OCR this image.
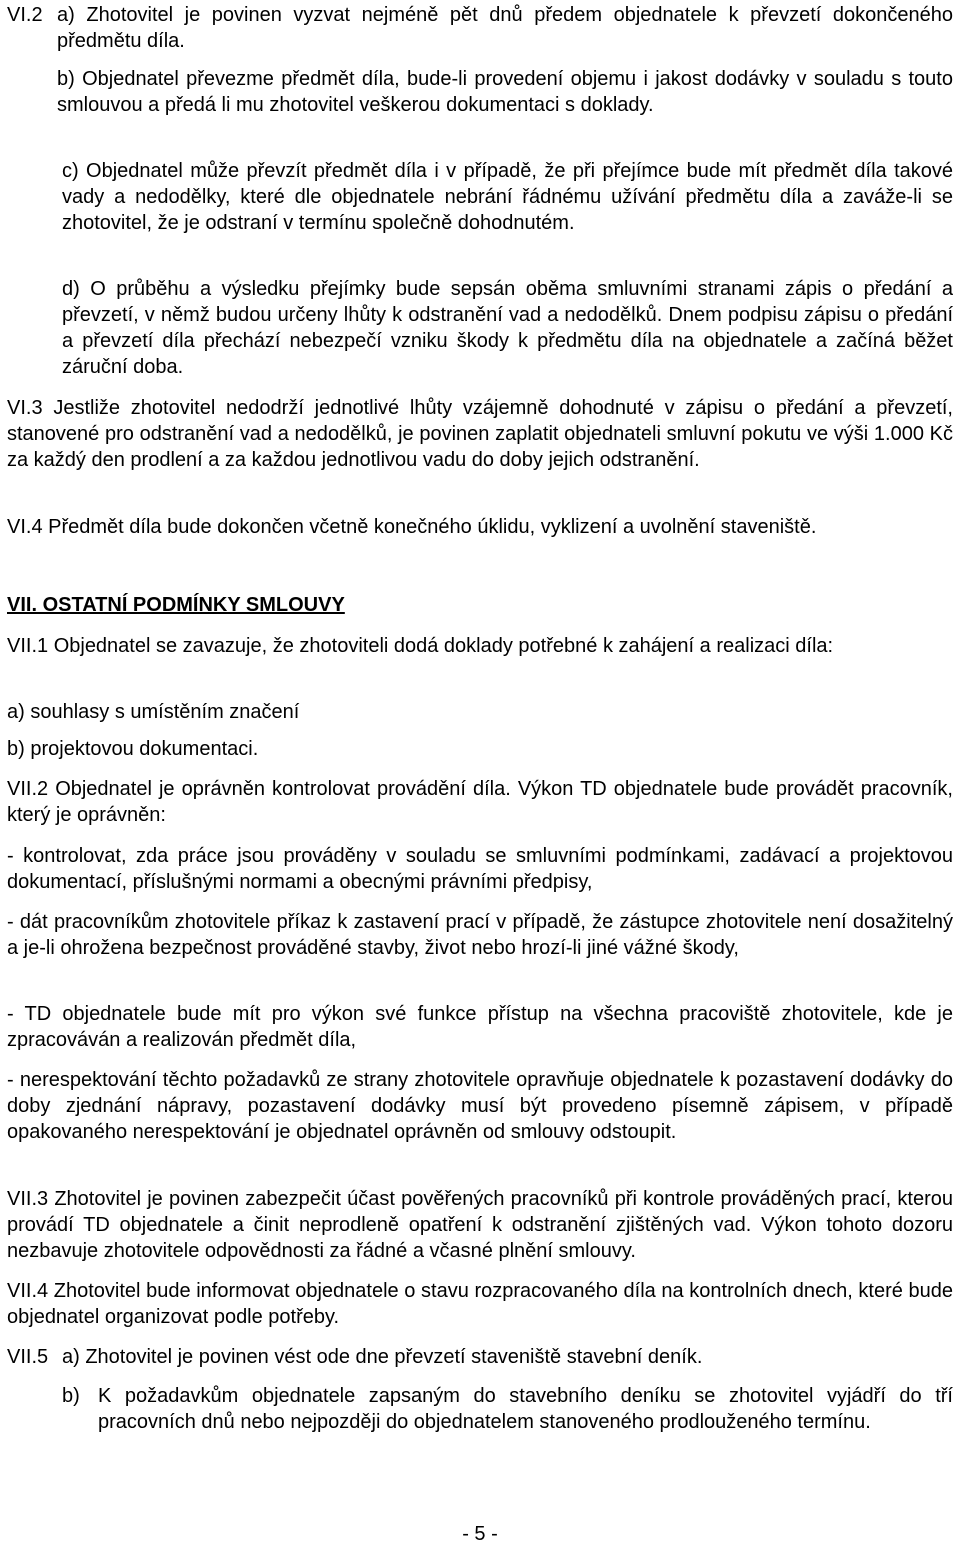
VI.2 a) Zhotovitel je povinen vyzvat nejméně pět dnů předem objednatele k převzetí dokončeného předmětu díla.

b) Objednatel převezme předmět díla, bude-li provedení objemu i jakost dodávky v souladu s touto smlouvou a předá li mu zhotovitel veškerou dokumentaci s doklady.

c) Objednatel může převzít předmět díla i v případě, že při přejímce bude mít předmět díla takové vady a nedodělky, které dle objednatele nebrání řádnému užívání předmětu díla a zaváže-li se zhotovitel, že je odstraní v termínu společně dohodnutém.

d) O průběhu a výsledku přejímky bude sepsán oběma smluvními stranami zápis o předání a převzetí, v němž budou určeny lhůty k odstranění vad a nedodělků. Dnem podpisu zápisu o předání a převzetí díla přechází nebezpečí vzniku škody k předmětu díla na objednatele a začíná běžet záruční doba.

VI.3 Jestliže zhotovitel nedodrží jednotlivé lhůty vzájemně dohodnuté v zápisu o předání a převzetí, stanovené pro odstranění vad a nedodělků, je povinen zaplatit objednateli smluvní pokutu ve výši 1.000 Kč za každý den prodlení a za každou jednotlivou vadu do doby jejich odstranění.

VI.4 Předmět díla bude dokončen včetně konečného úklidu, vyklizení a uvolnění staveniště.

VII. OSTATNÍ PODMÍNKY SMLOUVY

VII.1 Objednatel se zavazuje, že zhotoviteli dodá doklady potřebné k zahájení a realizaci díla:

a) souhlasy s umístěním značení

b) projektovou dokumentaci.

VII.2 Objednatel je oprávněn kontrolovat provádění díla. Výkon TD objednatele bude provádět pracovník, který je oprávněn:

- kontrolovat, zda práce jsou prováděny v souladu se smluvními podmínkami, zadávací a projektovou dokumentací, příslušnými normami a obecnými právními předpisy,

- dát pracovníkům zhotovitele příkaz k zastavení prací v případě, že zástupce zhotovitele není dosažitelný a je-li ohrožena bezpečnost prováděné stavby, život nebo hrozí-li jiné vážné škody,

- TD objednatele bude mít pro výkon své funkce přístup na všechna pracoviště zhotovitele, kde je zpracováván a realizován předmět díla,

- nerespektování těchto požadavků ze strany zhotovitele opravňuje objednatele k pozastavení dodávky do doby zjednání nápravy, pozastavení dodávky musí být provedeno písemně zápisem, v případě opakovaného nerespektování je objednatel oprávněn od smlouvy odstoupit.

VII.3 Zhotovitel je povinen zabezpečit účast pověřených pracovníků při kontrole prováděných prací, kterou provádí TD objednatele a činit neprodleně opatření k odstranění zjištěných vad. Výkon tohoto dozoru nezbavuje zhotovitele odpovědnosti za řádné a včasné plnění smlouvy.

VII.4 Zhotovitel bude informovat objednatele o stavu rozpracovaného díla na kontrolních dnech, které bude objednatel organizovat podle potřeby.

VII.5 a) Zhotovitel je povinen vést ode dne převzetí staveniště stavební deník.

b) K požadavkům objednatele zapsaným do stavebního deníku se zhotovitel vyjádří do tří pracovních dnů nebo nejpozději do objednatelem stanoveného prodlouženého termínu.

- 5 -
